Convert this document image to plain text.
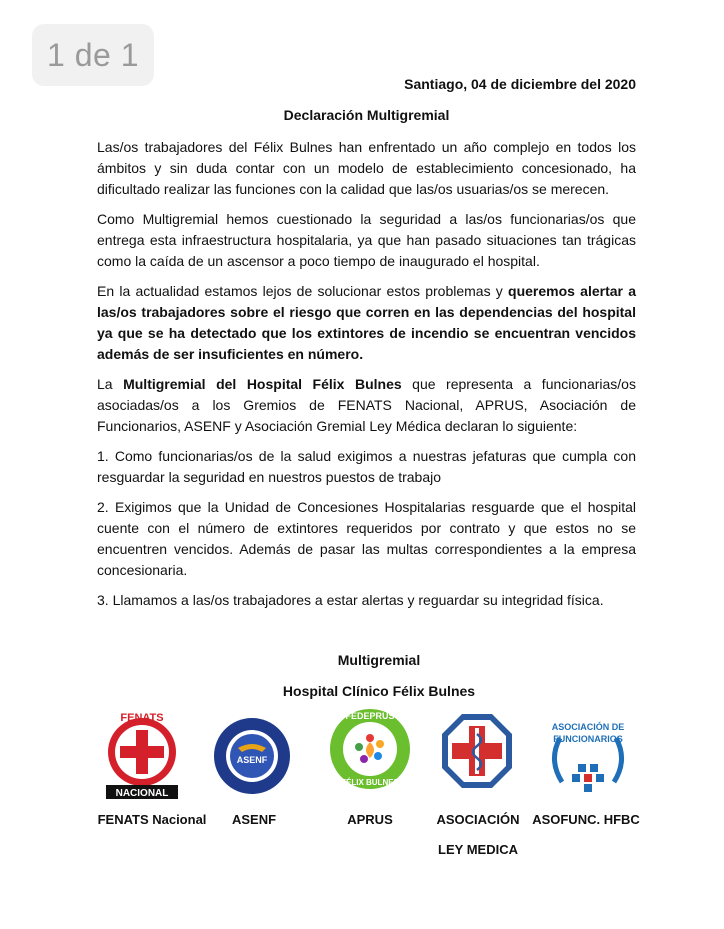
1 de 1
Santiago, 04 de diciembre del 2020
Declaración Multigremial

Las/os trabajadores del Félix Bulnes han enfrentado un año complejo en todos los ámbitos y sin duda contar con un modelo de establecimiento concesionado, ha dificultado realizar las funciones con la calidad que las/os usuarias/os se merecen.

Como Multigremial hemos cuestionado la seguridad a las/os funcionarias/os que entrega esta infraestructura hospitalaria, ya que han pasado situaciones tan trágicas como la caída de un ascensor a poco tiempo de inaugurado el hospital.

En la actualidad estamos lejos de solucionar estos problemas y queremos alertar a las/os trabajadores sobre el riesgo que corren en las dependencias del hospital ya que se ha detectado que los extintores de incendio se encuentran vencidos además de ser insuficientes en número.

La Multigremial del Hospital Félix Bulnes que representa a funcionarias/os asociadas/os a los Gremios de FENATS Nacional, APRUS, Asociación de Funcionarios, ASENF y Asociación Gremial Ley Médica declaran lo siguiente:

1. Como funcionarias/os de la salud exigimos a nuestras jefaturas que cumpla con resguardar la seguridad en nuestros puestos de trabajo

2. Exigimos que la Unidad de Concesiones Hospitalarias resguarde que el hospital cuente con el número de extintores requeridos por contrato y que estos no se encuentren vencidos. Además de pasar las multas correspondientes a la empresa concesionaria.

3. Llamamos a las/os trabajadores a estar alertas y reguardar su integridad física.

Multigremial
Hospital Clínico Félix Bulnes
FENATS
NACIONAL
ASENF
FEDEPRUS
FÉLIX BULNES
ASOCIACIÓN DE
FUNCIONARIOS
FENATS Nacional	ASENF	APRUS	ASOCIACIÓN
LEY MEDICA
ASOFUNC. HFBC
